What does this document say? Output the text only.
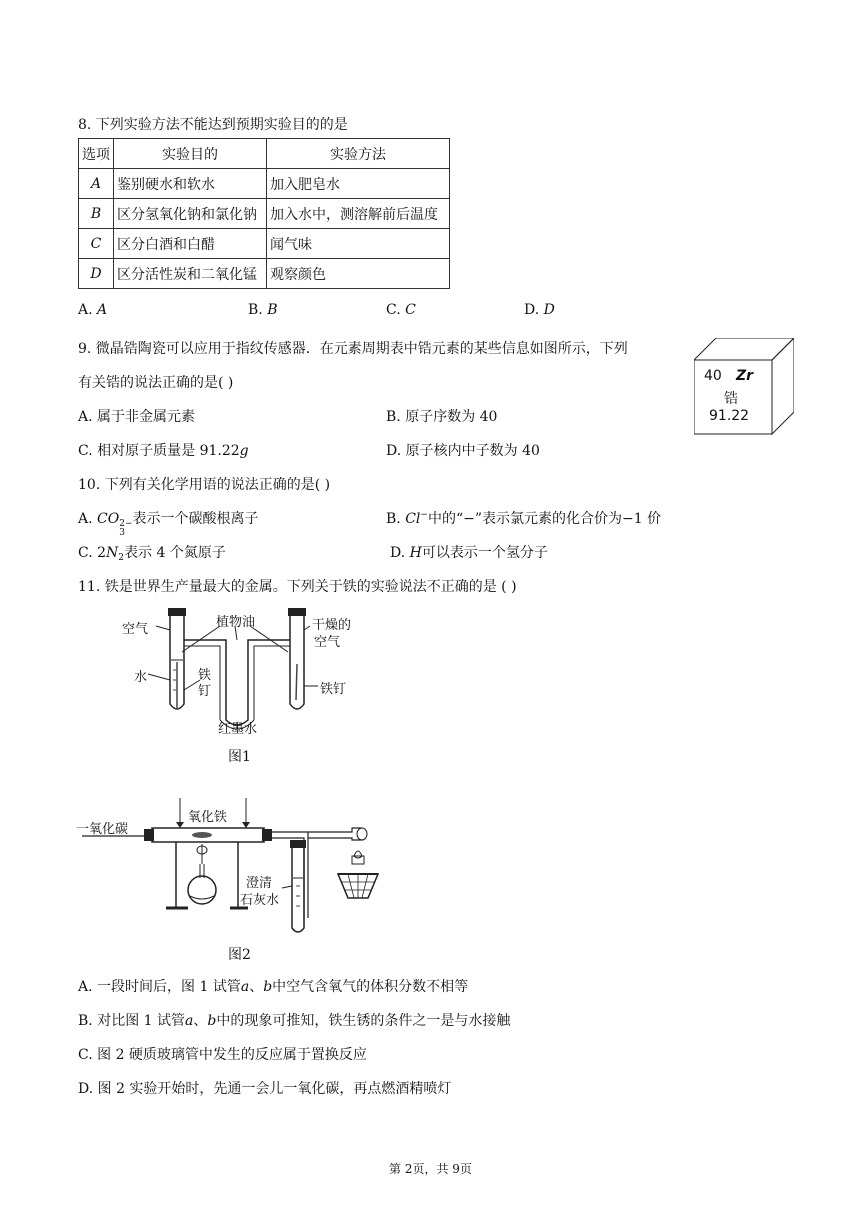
8. 下列实验方法不能达到预期实验目的的是
选项	实验目的	实验方法
A	鉴别硬水和软水	加入肥皂水
B	区分氢氧化钠和氯化钠	加入水中，测溶解前后温度
C	区分白酒和白醋	闻气味
D	区分活性炭和二氧化锰	观察颜色
A. A	B. B	C. C	D. D
9. 微晶锆陶瓷可以应用于指纹传感器．在元素周期表中锆元素的某些信息如图所示，下列
有关锆的说法正确的是( )
A. 属于非金属元素	B. 原子序数为 40
C. 相对原子质量是 91.22g	D. 原子核内中子数为 40
40 Zr
锆
91.22
10. 下列有关化学用语的说法正确的是( )
A. CO 2−
3
表示一个碳酸根离子	B. Cl−中的“−”表示氯元素的化合价为−1 价
C. $2N_2$表示 4 个氮原子	D. H可以表示一个氢分子
11. 铁是世界生产量最大的金属。下列关于铁的实验说法不正确的是 ( )
空气	植物油	干燥的
空气
水	铁
钉	铁钉
红墨水
图1
一氧化碳
氧化铁
澄清
石灰水
图2
A. 一段时间后，图 1 试管a、b中空气含氧气的体积分数不相等
B. 对比图 1 试管a、b中的现象可推知，铁生锈的条件之一是与水接触
C. 图 2 硬质玻璃管中发生的反应属于置换反应
D. 图 2 实验开始时，先通一会儿一氧化碳，再点燃酒精喷灯
第 2页，共 9页
